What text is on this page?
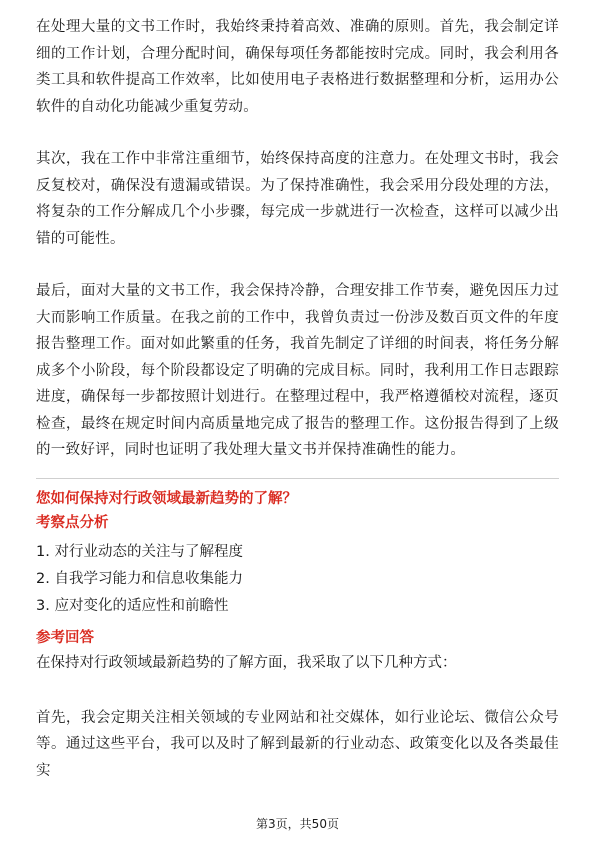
在处理大量的文书工作时，我始终秉持着高效、准确的原则。首先，我会制定详细的工作计划，合理分配时间，确保每项任务都能按时完成。同时，我会利用各类工具和软件提高工作效率，比如使用电子表格进行数据整理和分析，运用办公软件的自动化功能减少重复劳动。

其次，我在工作中非常注重细节，始终保持高度的注意力。在处理文书时，我会反复校对，确保没有遗漏或错误。为了保持准确性，我会采用分段处理的方法，将复杂的工作分解成几个小步骤，每完成一步就进行一次检查，这样可以减少出错的可能性。

最后，面对大量的文书工作，我会保持冷静，合理安排工作节奏，避免因压力过大而影响工作质量。在我之前的工作中，我曾负责过一份涉及数百页文件的年度报告整理工作。面对如此繁重的任务，我首先制定了详细的时间表，将任务分解成多个小阶段，每个阶段都设定了明确的完成目标。同时，我利用工作日志跟踪进度，确保每一步都按照计划进行。在整理过程中，我严格遵循校对流程，逐页检查，最终在规定时间内高质量地完成了报告的整理工作。这份报告得到了上级的一致好评，同时也证明了我处理大量文书并保持准确性的能力。

您如何保持对行政领域最新趋势的了解？

考察点分析

1. 对行业动态的关注与了解程度

2. 自我学习能力和信息收集能力

3. 应对变化的适应性和前瞻性

参考回答

在保持对行政领域最新趋势的了解方面，我采取了以下几种方式：

首先，我会定期关注相关领域的专业网站和社交媒体，如行业论坛、微信公众号等。通过这些平台，我可以及时了解到最新的行业动态、政策变化以及各类最佳实

第3页，共50页
